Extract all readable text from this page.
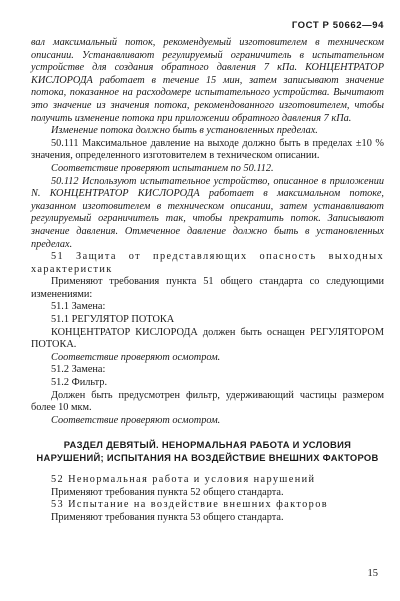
ГОСТ Р 50662—94

вал максимальный поток, рекомендуемый изготовителем в техническом описании. Устанавливают регулируемый ограничитель в испытательном устройстве для создания обратного давления 7 кПа. КОНЦЕНТРАТОР КИСЛОРОДА работает в течение 15 мин, затем записывают значение потока, показанное на расходомере испытательного устройства. Вычитают это значение из значения потока, рекомендованного изготовителем, чтобы получить изменение потока при приложении обратного давления 7 кПа.

Изменение потока должно быть в установленных пределах.

50.111 Максимальное давление на выходе должно быть в пределах ±10 % значения, определенного изготовителем в техническом описании.

Соответствие проверяют испытанием по 50.112.

50.112 Используют испытательное устройство, описанное в приложении N. КОНЦЕНТРАТОР КИСЛОРОДА работает в максимальном потоке, указанном изготовителем в техническом описании, затем устанавливают регулируемый ограничитель так, чтобы прекратить поток. Записывают значение давления. Отмеченное давление должно быть в установленных пределах.

51 Защита от представляющих опасность выходных характеристик

Применяют требования пункта 51 общего стандарта со следующими изменениями:

51.1 Замена:

51.1 РЕГУЛЯТОР ПОТОКА

КОНЦЕНТРАТОР КИСЛОРОДА должен быть оснащен РЕГУЛЯТОРОМ ПОТОКА.

Соответствие проверяют осмотром.

51.2 Замена:

51.2 Фильтр.

Должен быть предусмотрен фильтр, удерживающий частицы размером более 10 мкм.

Соответствие проверяют осмотром.

РАЗДЕЛ ДЕВЯТЫЙ. НЕНОРМАЛЬНАЯ РАБОТА И УСЛОВИЯ НАРУШЕНИЙ; ИСПЫТАНИЯ НА ВОЗДЕЙСТВИЕ ВНЕШНИХ ФАКТОРОВ

52 Ненормальная работа и условия нарушений

Применяют требования пункта 52 общего стандарта.

53 Испытание на воздействие внешних факторов

Применяют требования пункта 53 общего стандарта.

15
